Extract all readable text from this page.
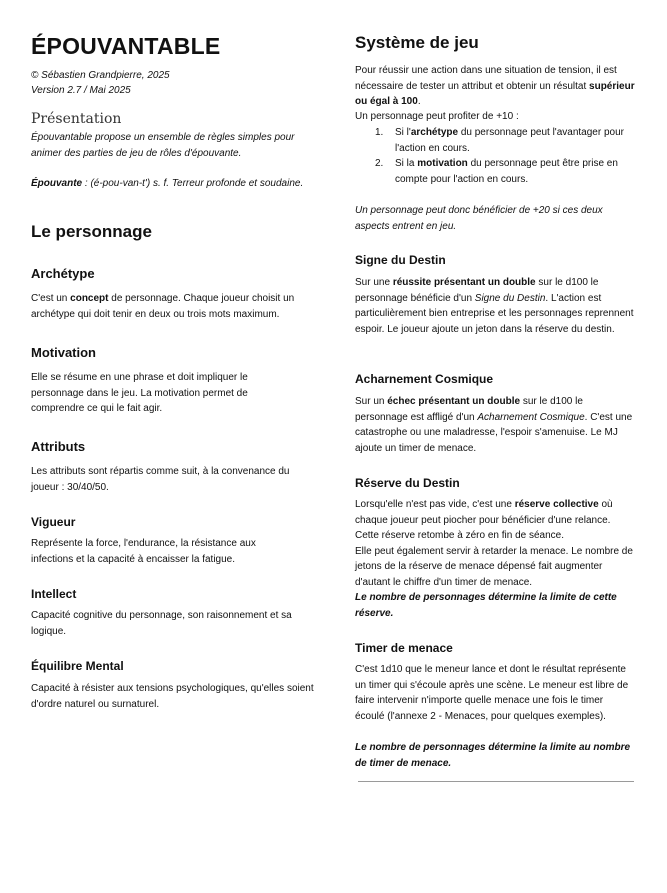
ÉPOUVANTABLE

© Sébastien Grandpierre, 2025

Version 2.7 / Mai 2025

Présentation

Épouvantable propose un ensemble de règles simples pour animer des parties de jeu de rôles d'épouvante.

Épouvante : (é-pou-van-t') s. f. Terreur profonde et soudaine.

Le personnage
Archétype

C'est un concept de personnage. Chaque joueur choisit un archétype qui doit tenir en deux ou trois mots maximum.

Motivation

Elle se résume en une phrase et doit impliquer le personnage dans le jeu. La motivation permet de comprendre ce qui le fait agir.

Attributs

Les attributs sont répartis comme suit, à la convenance du joueur : 30/40/50.

Vigueur

Représente la force, l'endurance, la résistance aux infections et la capacité à encaisser la fatigue.

Intellect

Capacité cognitive du personnage, son raisonnement et sa logique.

Équilibre Mental

Capacité à résister aux tensions psychologiques, qu'elles soient d'ordre naturel ou surnaturel.

Système de jeu

Pour réussir une action dans une situation de tension, il est nécessaire de tester un attribut et obtenir un résultat supérieur ou égal à 100.

Un personnage peut profiter de +10 :

1. Si l'archétype du personnage peut l'avantager pour l'action en cours.
2. Si la motivation du personnage peut être prise en compte pour l'action en cours.

Un personnage peut donc bénéficier de +20 si ces deux aspects entrent en jeu.

Signe du Destin

Sur une réussite présentant un double sur le d100 le personnage bénéficie d'un Signe du Destin. L'action est particulièrement bien entreprise et les personnages reprennent espoir. Le joueur ajoute un jeton dans la réserve du destin.

Acharnement Cosmique

Sur un échec présentant un double sur le d100 le personnage est affligé d'un Acharnement Cosmique. C'est une catastrophe ou une maladresse, l'espoir s'amenuise. Le MJ ajoute un timer de menace.

Réserve du Destin

Lorsqu'elle n'est pas vide, c'est une réserve collective où chaque joueur peut piocher pour bénéficier d'une relance. Cette réserve retombe à zéro en fin de séance.
Elle peut également servir à retarder la menace. Le nombre de jetons de la réserve de menace dépensé fait augmenter d'autant le chiffre d'un timer de menace.

Le nombre de personnages détermine la limite de cette réserve.

Timer de menace

C'est 1d10 que le meneur lance et dont le résultat représente un timer qui s'écoule après une scène. Le meneur est libre de faire intervenir n'importe quelle menace une fois le timer écoulé (l'annexe 2 - Menaces, pour quelques exemples).

Le nombre de personnages détermine la limite au nombre de timer de menace.
